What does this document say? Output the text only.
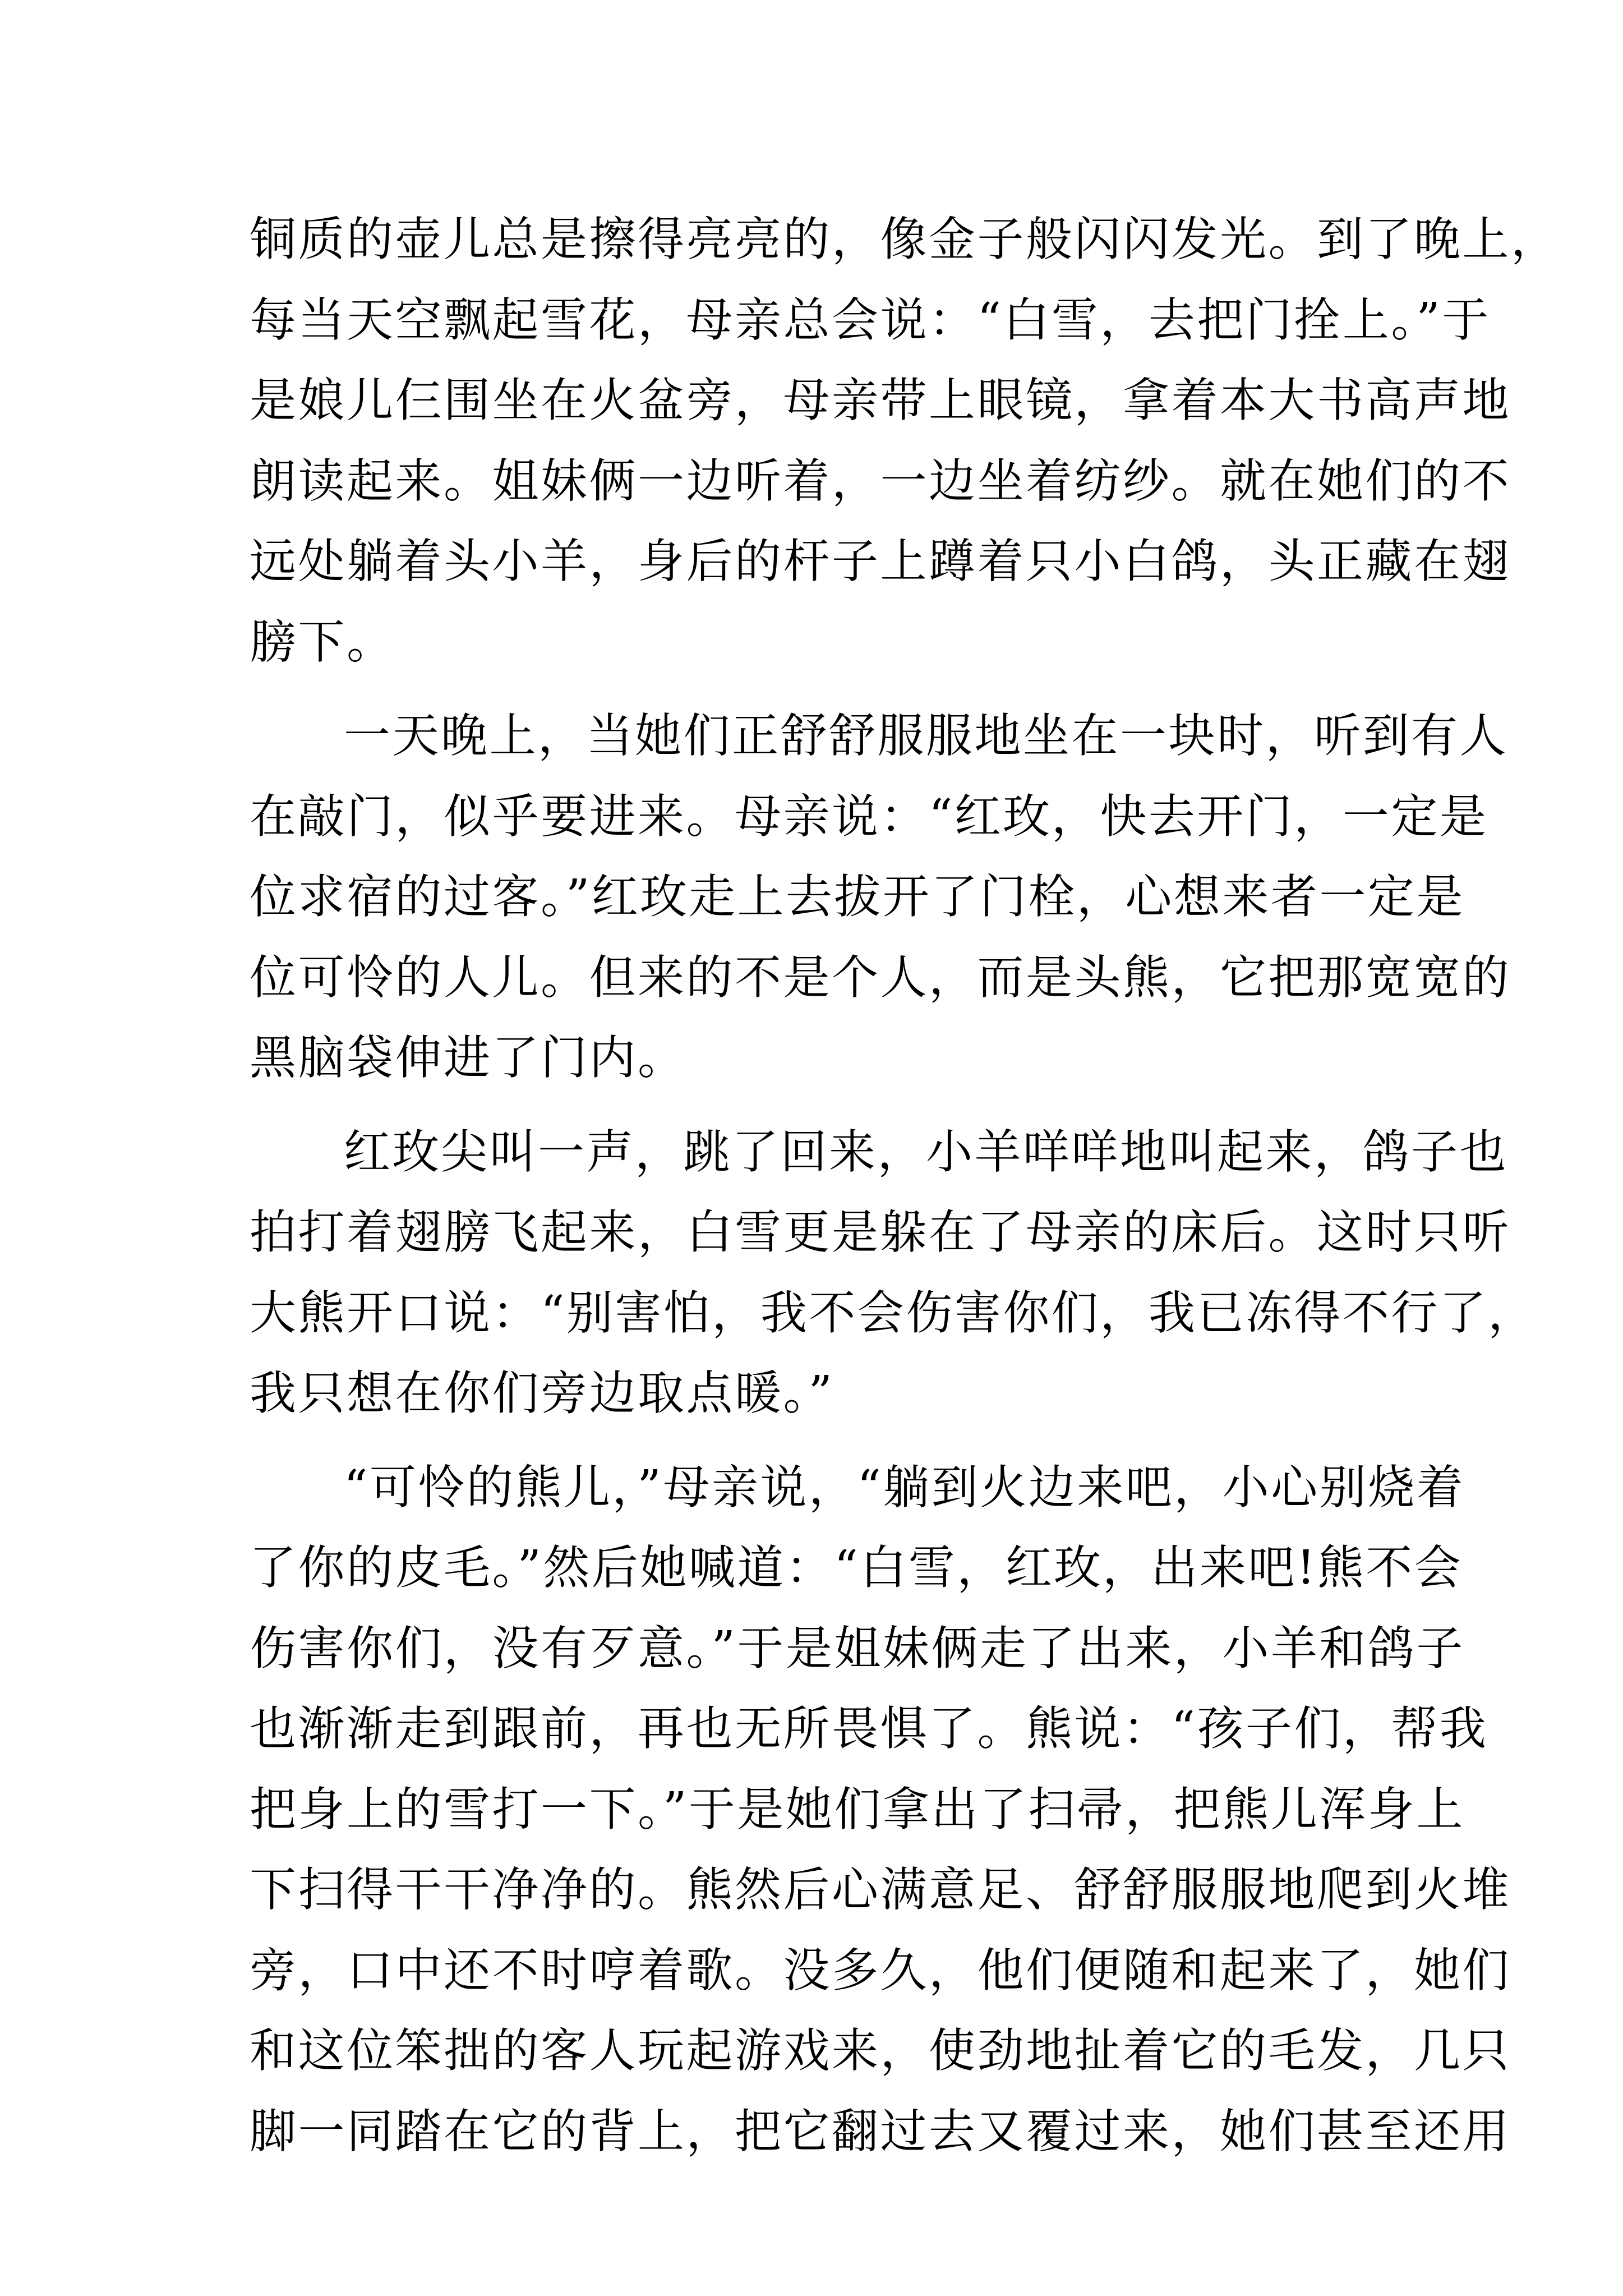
铜质的壶儿总是擦得亮亮的，像金子般闪闪发光。到了晚上，
每当天空飘起雪花，母亲总会说：“白雪，去把门拴上。”于
是娘儿仨围坐在火盆旁，母亲带上眼镜，拿着本大书高声地
朗读起来。姐妹俩一边听着，一边坐着纺纱。就在她们的不
远处躺着头小羊，身后的杆子上蹲着只小白鸽，头正藏在翅
膀下。
一天晚上，当她们正舒舒服服地坐在一块时，听到有人
在敲门，似乎要进来。母亲说：“红玫，快去开门，一定是
位求宿的过客。”红玫走上去拔开了门栓，心想来者一定是
位可怜的人儿。但来的不是个人，而是头熊，它把那宽宽的
黑脑袋伸进了门内。
红玫尖叫一声，跳了回来，小羊咩咩地叫起来，鸽子也
拍打着翅膀飞起来，白雪更是躲在了母亲的床后。这时只听
大熊开口说：“别害怕，我不会伤害你们，我已冻得不行了，
我只想在你们旁边取点暖。”
“可怜的熊儿，”母亲说，“躺到火边来吧，小心别烧着
了你的皮毛。”然后她喊道：“白雪，红玫，出来吧!熊不会
伤害你们，没有歹意。”于是姐妹俩走了出来，小羊和鸽子
也渐渐走到跟前，再也无所畏惧了。熊说：“孩子们，帮我
把身上的雪打一下。”于是她们拿出了扫帚，把熊儿浑身上
下扫得干干净净的。熊然后心满意足、舒舒服服地爬到火堆
旁，口中还不时哼着歌。没多久，他们便随和起来了，她们
和这位笨拙的客人玩起游戏来，使劲地扯着它的毛发，几只
脚一同踏在它的背上，把它翻过去又覆过来，她们甚至还用
